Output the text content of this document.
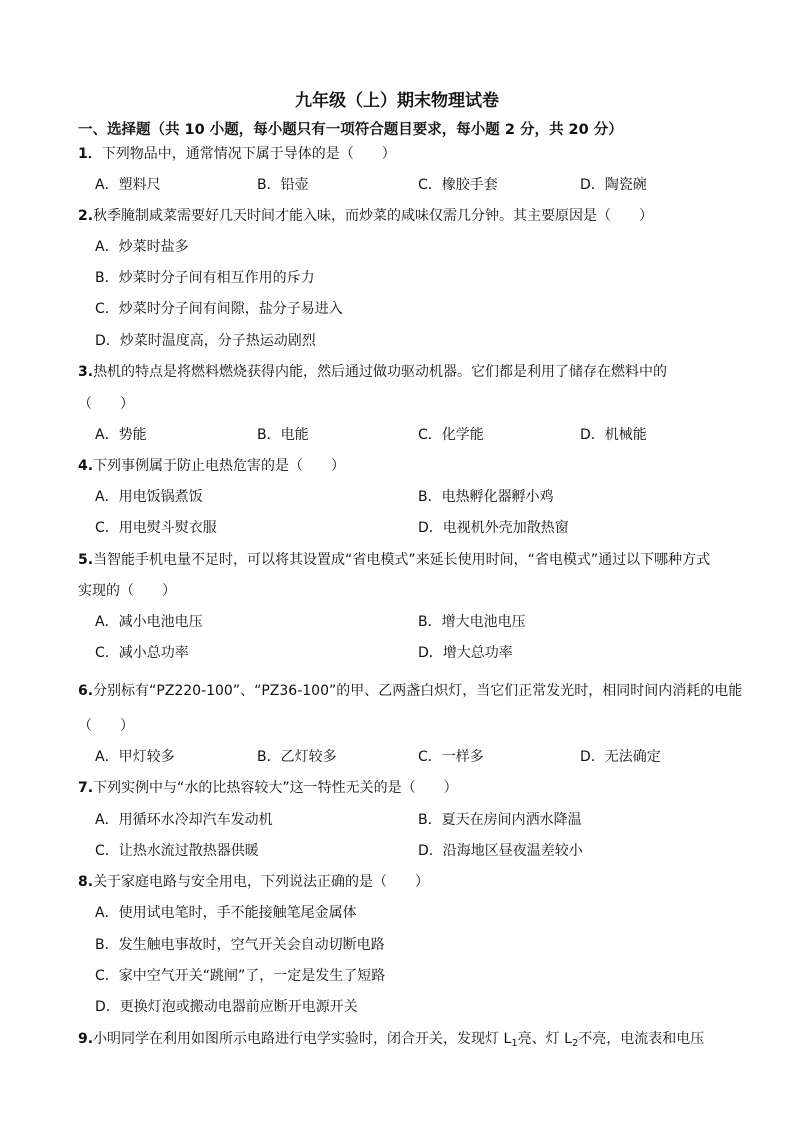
九年级（上）期末物理试卷
一、选择题（共 10 小题，每小题只有一项符合题目要求，每小题 2 分，共 20 分）
1．下列物品中，通常情况下属于导体的是（　　）
A．塑料尺	B．铅壶	C．橡胶手套	D．陶瓷碗
2.秋季腌制咸菜需要好几天时间才能入味，而炒菜的咸味仅需几分钟。其主要原因是（　　）
A．炒菜时盐多
B．炒菜时分子间有相互作用的斥力
C．炒菜时分子间有间隙，盐分子易进入
D．炒菜时温度高，分子热运动剧烈
3.热机的特点是将燃料燃烧获得内能，然后通过做功驱动机器。它们都是利用了储存在燃料中的
（　　）
A．势能	B．电能	C．化学能	D．机械能
4.下列事例属于防止电热危害的是（　　）
A．用电饭锅煮饭	B．电热孵化器孵小鸡
C．用电熨斗熨衣服	D．电视机外壳加散热窗
5.当智能手机电量不足时，可以将其设置成“省电模式”来延长使用时间，“省电模式”通过以下哪种方式
实现的（　　）
A．减小电池电压	B．增大电池电压
C．减小总功率	D．增大总功率
6.分别标有“PZ220-100”、“PZ36-100”的甲、乙两盏白炽灯，当它们正常发光时，相同时间内消耗的电能
（　　）
A．甲灯较多	B．乙灯较多	C．一样多	D．无法确定
7.下列实例中与“水的比热容较大”这一特性无关的是（　　）
A．用循环水冷却汽车发动机	B．夏天在房间内洒水降温
C．让热水流过散热器供暖	D．沿海地区昼夜温差较小
8.关于家庭电路与安全用电，下列说法正确的是（　　）
A．使用试电笔时，手不能接触笔尾金属体
B．发生触电事故时，空气开关会自动切断电路
C．家中空气开关“跳闸”了，一定是发生了短路
D．更换灯泡或搬动电器前应断开电源开关
9.小明同学在利用如图所示电路进行电学实验时，闭合开关，发现灯 $L_1$亮、灯 $L_2$不亮，电流表和电压
